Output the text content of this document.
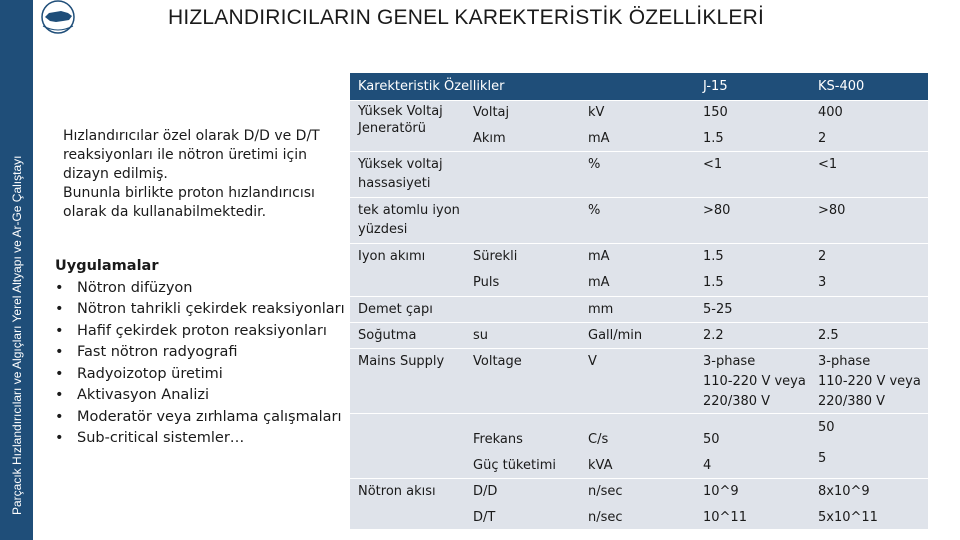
Parçacık Hızlandırıcıları ve Algıçları Yerel Altyapı ve Ar-Ge Çalıştayı
HIZLANDIRICILARIN GENEL KAREKTERİSTİK ÖZELLİKLERİ

Hızlandırıcılar özel olarak D/D ve D/T reaksiyonları ile nötron üretimi için dizayn edilmiş.

Bununla birlikte proton hızlandırıcısı olarak da kullanabilmektedir.

Uygulamalar
• Nötron difüzyon
• Nötron tahrikli çekirdek reaksiyonları
• Hafif çekirdek proton reaksiyonları
• Fast nötron radyografi
• Radyoizotop üretimi
• Aktivasyon Analizi
• Moderatör veya zırhlama çalışmaları
• Sub-critical sistemler…
Karekteristik Özellikler	J-15	KS-400
Yüksek Voltaj Jeneratörü
Yüksek voltaj hassasiyeti
tek atomlu iyon yüzdesi
Iyon akımı
Demet çapı
Soğutma
Mains Supply
Nötron akısı
Voltaj
Akım
Sürekli
Puls
su
Voltage
Frekans
Güç tüketimi
D/D
D/T
kV
mA
%
%
mA
mA
mm
Gall/min
V
C/s
kVA
n/sec
n/sec
150
1.5
<1
>80
1.5
1.5
5-25
2.2
3-phase
110-220 V veya
220/380 V
50
4
10^9
10^11
400
2
<1
>80
2
3
2.5
3-phase
110-220 V veya
220/380 V
50
5
8x10^9
5x10^11
